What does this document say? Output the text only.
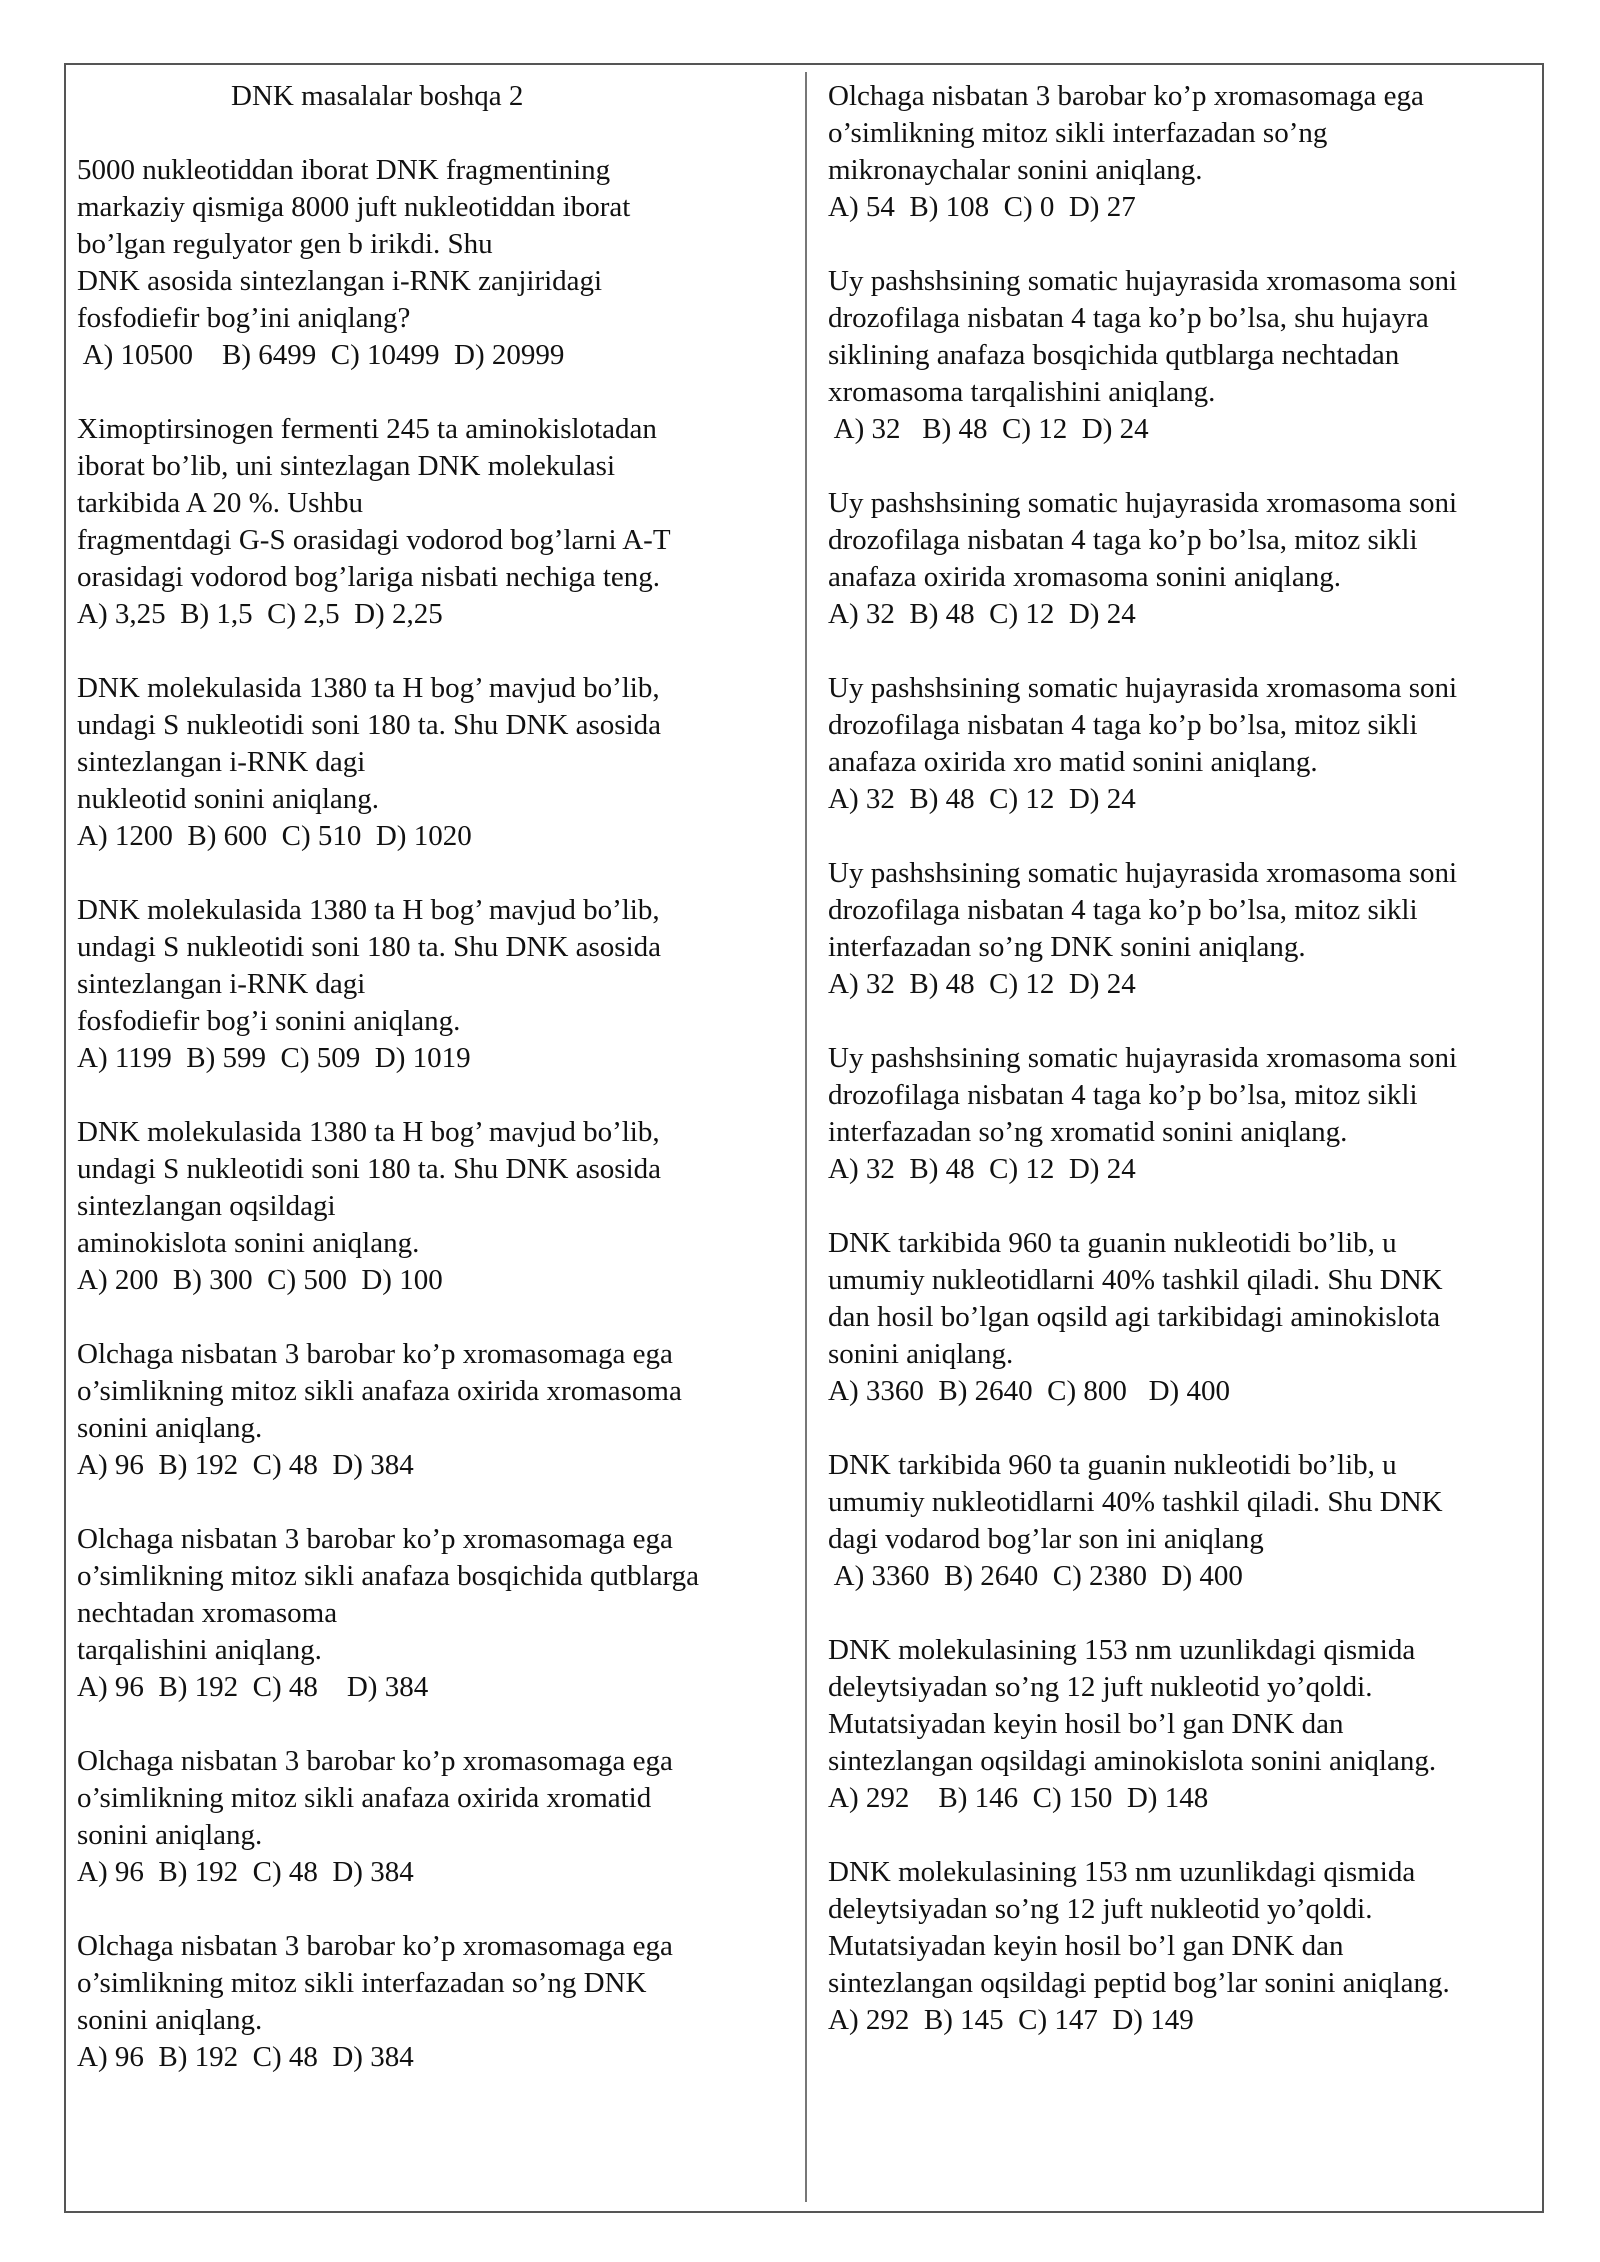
DNK masalalar boshqa 2
5000 nukleotiddan iborat DNK fragmentining
markaziy qismiga 8000 juft nukleotiddan iborat
bo’lgan regulyator gen b irikdi. Shu
DNK asosida sintezlangan i-RNK zanjiridagi
fosfodiefir bog’ini aniqlang?
A) 10500    B) 6499  C) 10499  D) 20999
Ximoptirsinogen fermenti 245 ta aminokislotadan
iborat bo’lib, uni sintezlagan DNK molekulasi
tarkibida A 20 %. Ushbu
fragmentdagi G-S orasidagi vodorod bog’larni A-T
orasidagi vodorod bog’lariga nisbati nechiga teng.
A) 3,25  B) 1,5  C) 2,5  D) 2,25
DNK molekulasida 1380 ta H bog’ mavjud bo’lib,
undagi S nukleotidi soni 180 ta. Shu DNK asosida
sintezlangan i-RNK dagi
nukleotid sonini aniqlang.
A) 1200  B) 600  C) 510  D) 1020
DNK molekulasida 1380 ta H bog’ mavjud bo’lib,
undagi S nukleotidi soni 180 ta. Shu DNK asosida
sintezlangan i-RNK dagi
fosfodiefir bog’i sonini aniqlang.
A) 1199  B) 599  C) 509  D) 1019
DNK molekulasida 1380 ta H bog’ mavjud bo’lib,
undagi S nukleotidi soni 180 ta. Shu DNK asosida
sintezlangan oqsildagi
aminokislota sonini aniqlang.
A) 200  B) 300  C) 500  D) 100
Olchaga nisbatan 3 barobar ko’p xromasomaga ega
o’simlikning mitoz sikli anafaza oxirida xromasoma
sonini aniqlang.
A) 96  B) 192  C) 48  D) 384
Olchaga nisbatan 3 barobar ko’p xromasomaga ega
o’simlikning mitoz sikli anafaza bosqichida qutblarga
nechtadan xromasoma
tarqalishini aniqlang.
A) 96  B) 192  C) 48    D) 384
Olchaga nisbatan 3 barobar ko’p xromasomaga ega
o’simlikning mitoz sikli anafaza oxirida xromatid
sonini aniqlang.
A) 96  B) 192  C) 48  D) 384
Olchaga nisbatan 3 barobar ko’p xromasomaga ega
o’simlikning mitoz sikli interfazadan so’ng DNK
sonini aniqlang.
A) 96  B) 192  C) 48  D) 384
Olchaga nisbatan 3 barobar ko’p xromasomaga ega
o’simlikning mitoz sikli interfazadan so’ng
mikronaychalar sonini aniqlang.
A) 54  B) 108  C) 0  D) 27
Uy pashshsining somatic hujayrasida xromasoma soni
drozofilaga nisbatan 4 taga ko’p bo’lsa, shu hujayra
siklining anafaza bosqichida qutblarga nechtadan
xromasoma tarqalishini aniqlang.
A) 32   B) 48  C) 12  D) 24
Uy pashshsining somatic hujayrasida xromasoma soni
drozofilaga nisbatan 4 taga ko’p bo’lsa, mitoz sikli
anafaza oxirida xromasoma sonini aniqlang.
A) 32  B) 48  C) 12  D) 24
Uy pashshsining somatic hujayrasida xromasoma soni
drozofilaga nisbatan 4 taga ko’p bo’lsa, mitoz sikli
anafaza oxirida xro matid sonini aniqlang.
A) 32  B) 48  C) 12  D) 24
Uy pashshsining somatic hujayrasida xromasoma soni
drozofilaga nisbatan 4 taga ko’p bo’lsa, mitoz sikli
interfazadan so’ng DNK sonini aniqlang.
A) 32  B) 48  C) 12  D) 24
Uy pashshsining somatic hujayrasida xromasoma soni
drozofilaga nisbatan 4 taga ko’p bo’lsa, mitoz sikli
interfazadan so’ng xromatid sonini aniqlang.
A) 32  B) 48  C) 12  D) 24
DNK tarkibida 960 ta guanin nukleotidi bo’lib, u
umumiy nukleotidlarni 40% tashkil qiladi. Shu DNK
dan hosil bo’lgan oqsild agi tarkibidagi aminokislota
sonini aniqlang.
A) 3360  B) 2640  C) 800   D) 400
DNK tarkibida 960 ta guanin nukleotidi bo’lib, u
umumiy nukleotidlarni 40% tashkil qiladi. Shu DNK
dagi vodarod bog’lar son ini aniqlang
A) 3360  B) 2640  C) 2380  D) 400
DNK molekulasining 153 nm uzunlikdagi qismida
deleytsiyadan so’ng 12 juft nukleotid yo’qoldi.
Mutatsiyadan keyin hosil bo’l gan DNK dan
sintezlangan oqsildagi aminokislota sonini aniqlang.
A) 292    B) 146  C) 150  D) 148
DNK molekulasining 153 nm uzunlikdagi qismida
deleytsiyadan so’ng 12 juft nukleotid yo’qoldi.
Mutatsiyadan keyin hosil bo’l gan DNK dan
sintezlangan oqsildagi peptid bog’lar sonini aniqlang.
A) 292  B) 145  C) 147  D) 149
